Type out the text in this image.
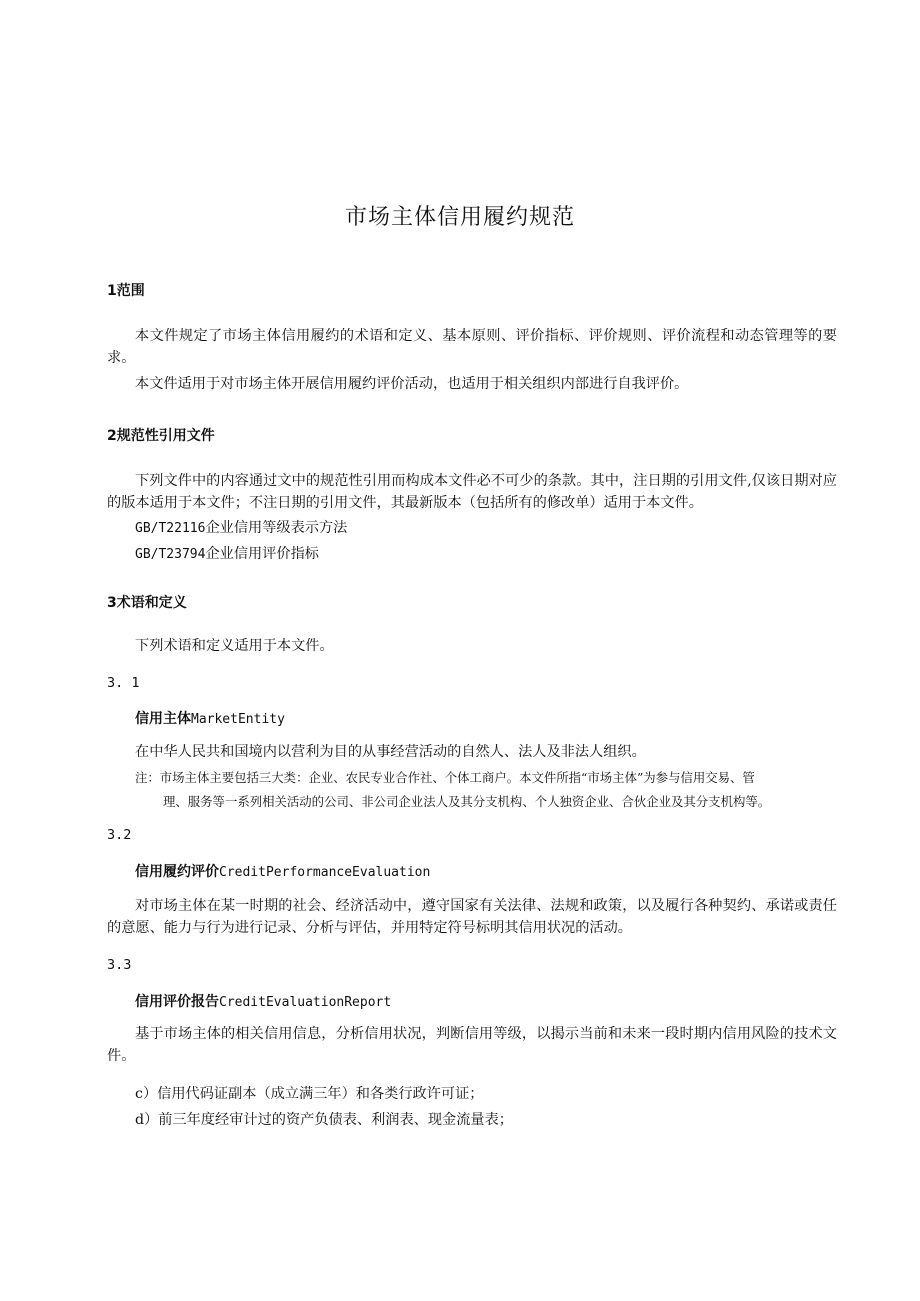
市场主体信用履约规范
1范围
本文件规定了市场主体信用履约的术语和定义、基本原则、评价指标、评价规则、评价流程和动态管理等的要求。
本文件适用于对市场主体开展信用履约评价活动，也适用于相关组织内部进行自我评价。
2规范性引用文件
下列文件中的内容通过文中的规范性引用而构成本文件必不可少的条款。其中，注日期的引用文件,仅该日期对应的版本适用于本文件；不注日期的引用文件，其最新版本（包括所有的修改单）适用于本文件。
GB/T22116企业信用等级表示方法
GB/T23794企业信用评价指标
3术语和定义
下列术语和定义适用于本文件。
3. 1
信用主体MarketEntity
在中华人民共和国境内以营利为目的从事经营活动的自然人、法人及非法人组织。
注：市场主体主要包括三大类：企业、农民专业合作社、个体工商户。本文件所指“市场主体”为参与信用交易、管
理、服务等一系列相关活动的公司、非公司企业法人及其分支机构、个人独资企业、合伙企业及其分支机构等。
3.2
信用履约评价CreditPerformanceEvaluation
对市场主体在某一时期的社会、经济活动中，遵守国家有关法律、法规和政策，以及履行各种契约、承诺或责任的意愿、能力与行为进行记录、分析与评估，并用特定符号标明其信用状况的活动。
3.3
信用评价报告CreditEvaluationReport
基于市场主体的相关信用信息，分析信用状况，判断信用等级，以揭示当前和未来一段时期内信用风险的技术文件。
c）信用代码证副本（成立满三年）和各类行政许可证；
d）前三年度经审计过的资产负债表、利润表、现金流量表；
